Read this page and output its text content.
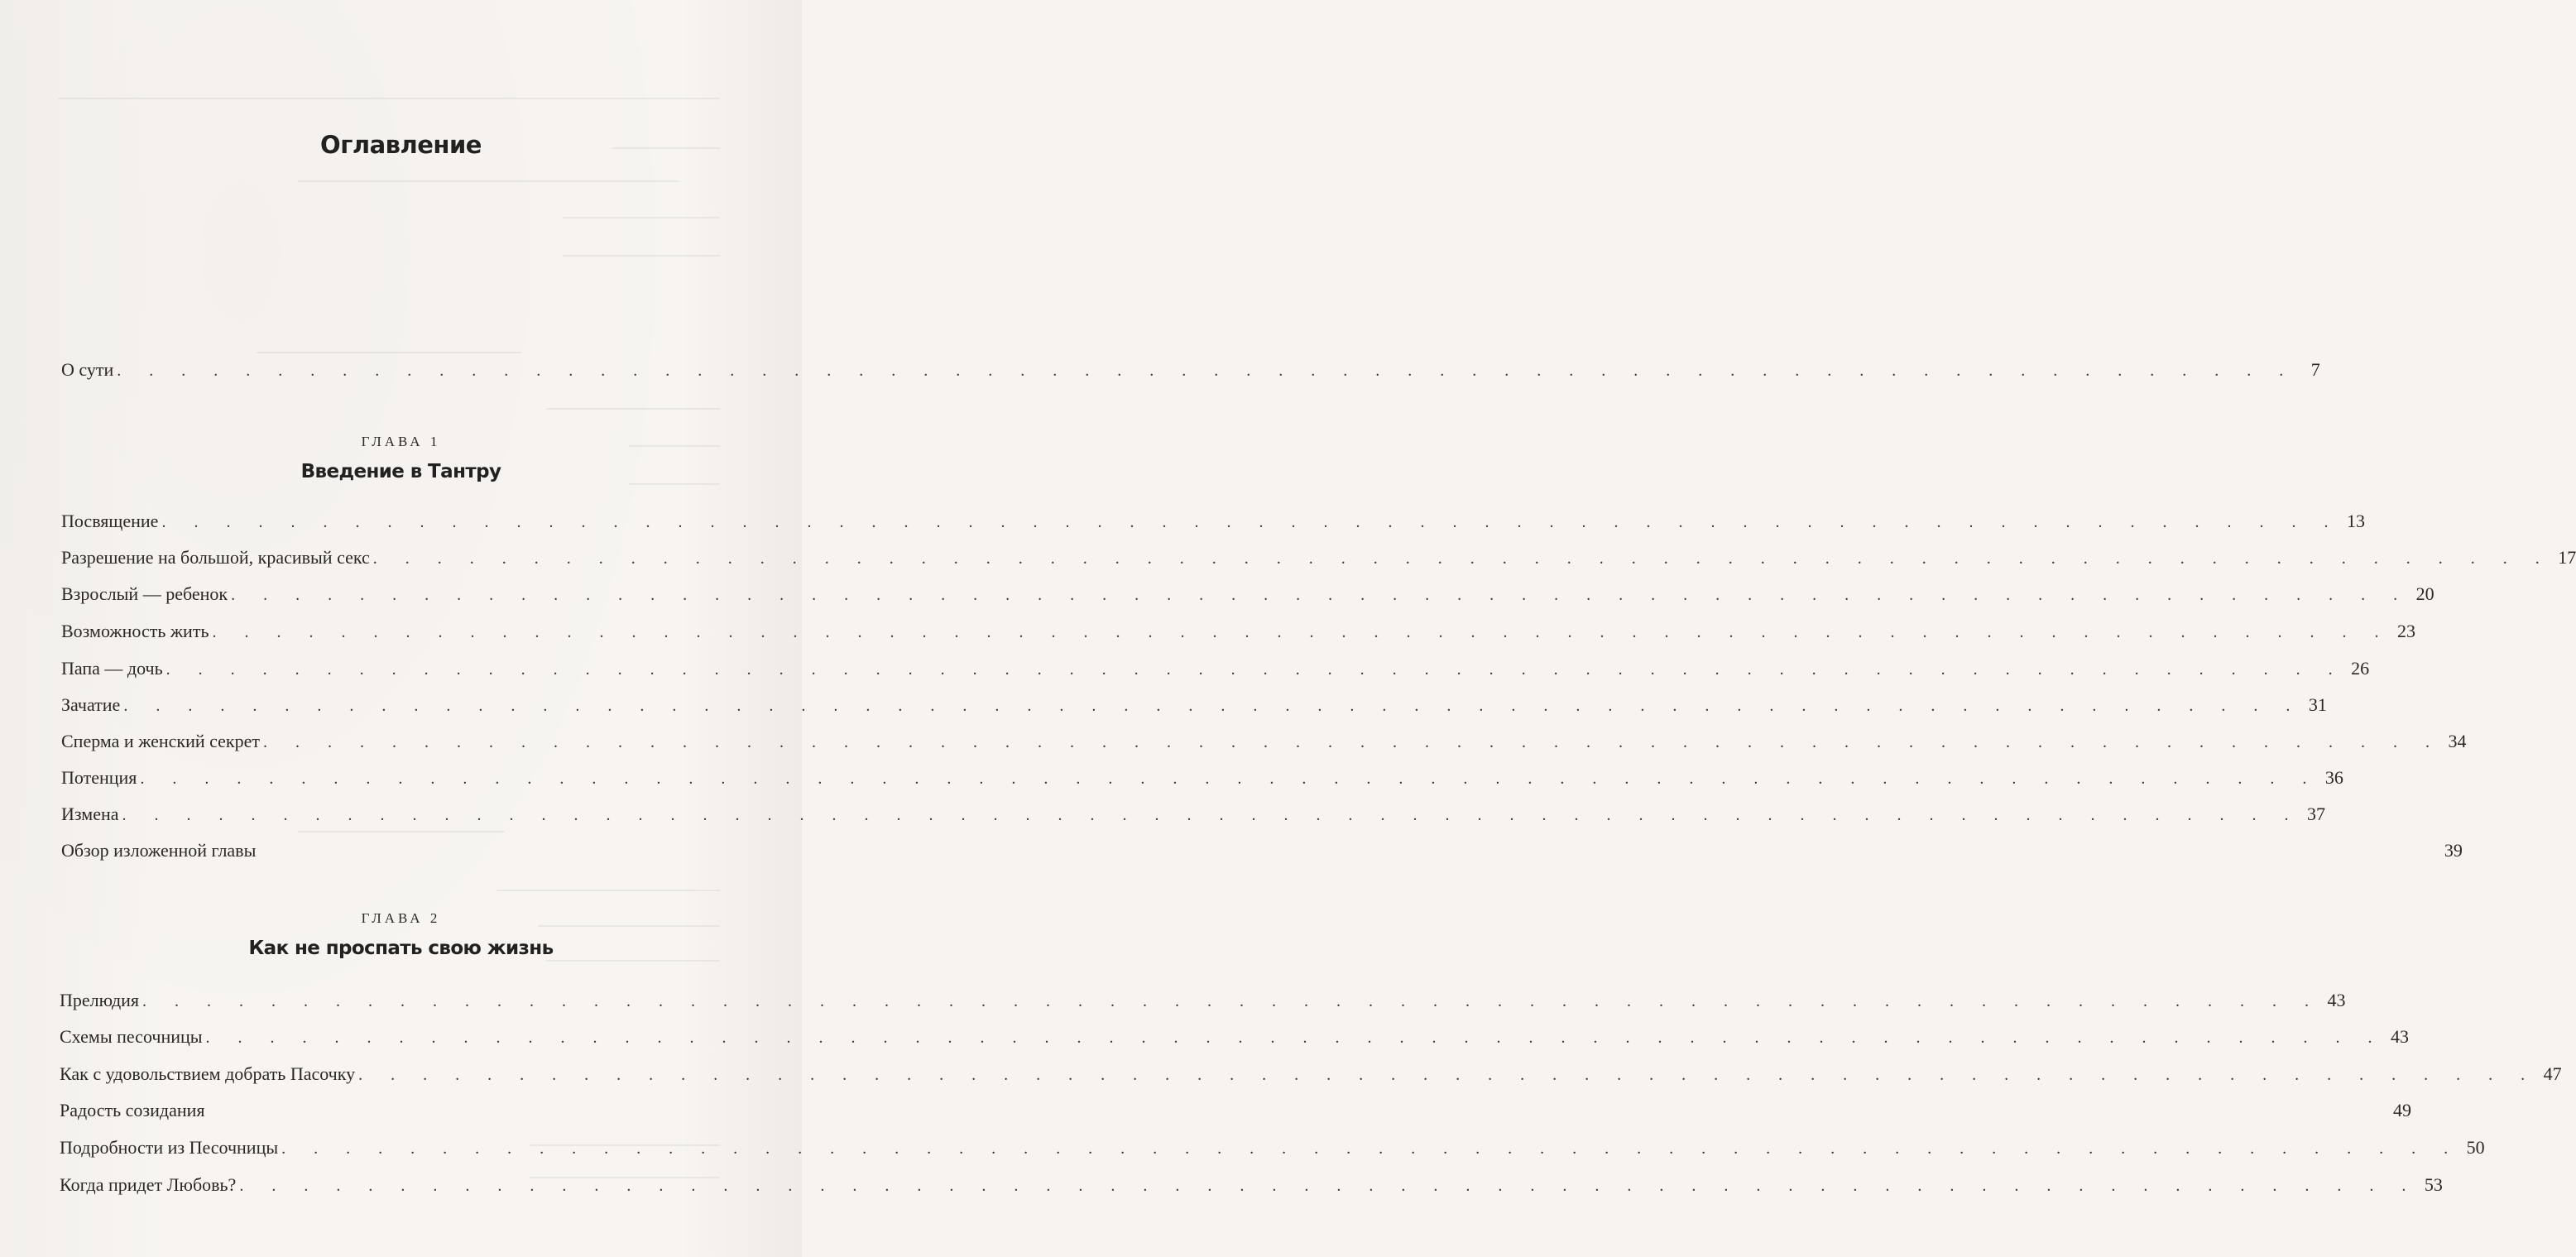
Оглавление
О сути . . . . . . . . . . . . . . . . . . . . . . . . . . . . . . . . . . . . . . . . . . . . . . . . . . . . . . . . . . . . . . . . . . . . 7
ГЛАВА 1
Введение в Тантру
Посвящение . . . . . . . . . . . . . . . . . . . . . . . . . . . . . . . . . . . . . . . . . . . . . . . . . . . . . . . . . . . . . . . . . . . . 13
Разрешение на большой, красивый секс . . . . . . . . . . . . . . . . . . . . . . . . . . . . . . . . . . . . . . . . . . . . . . . . . . . . . . . . . . . . . . . . . . . . 17
Взрослый — ребенок . . . . . . . . . . . . . . . . . . . . . . . . . . . . . . . . . . . . . . . . . . . . . . . . . . . . . . . . . . . . . . . . . . . . 20
Возможность жить . . . . . . . . . . . . . . . . . . . . . . . . . . . . . . . . . . . . . . . . . . . . . . . . . . . . . . . . . . . . . . . . . . . . 23
Папа — дочь . . . . . . . . . . . . . . . . . . . . . . . . . . . . . . . . . . . . . . . . . . . . . . . . . . . . . . . . . . . . . . . . . . . . 26
Зачатие . . . . . . . . . . . . . . . . . . . . . . . . . . . . . . . . . . . . . . . . . . . . . . . . . . . . . . . . . . . . . . . . . . . . 31
Сперма и женский секрет . . . . . . . . . . . . . . . . . . . . . . . . . . . . . . . . . . . . . . . . . . . . . . . . . . . . . . . . . . . . . . . . . . . . 34
Потенция . . . . . . . . . . . . . . . . . . . . . . . . . . . . . . . . . . . . . . . . . . . . . . . . . . . . . . . . . . . . . . . . . . . . 36
Измена . . . . . . . . . . . . . . . . . . . . . . . . . . . . . . . . . . . . . . . . . . . . . . . . . . . . . . . . . . . . . . . . . . . . 37
Обзор изложенной главы	39
ГЛАВА 2
Как не проспать свою жизнь
Прелюдия . . . . . . . . . . . . . . . . . . . . . . . . . . . . . . . . . . . . . . . . . . . . . . . . . . . . . . . . . . . . . . . . . . . . 43
Схемы песочницы . . . . . . . . . . . . . . . . . . . . . . . . . . . . . . . . . . . . . . . . . . . . . . . . . . . . . . . . . . . . . . . . . . . . 43
Как с удовольствием добрать Пасочку . . . . . . . . . . . . . . . . . . . . . . . . . . . . . . . . . . . . . . . . . . . . . . . . . . . . . . . . . . . . . . . . . . . . 47
Радость созидания	49
Подробности из Песочницы . . . . . . . . . . . . . . . . . . . . . . . . . . . . . . . . . . . . . . . . . . . . . . . . . . . . . . . . . . . . . . . . . . . . 50
Когда придет Любовь? . . . . . . . . . . . . . . . . . . . . . . . . . . . . . . . . . . . . . . . . . . . . . . . . . . . . . . . . . . . . . . . . . . . . 53
